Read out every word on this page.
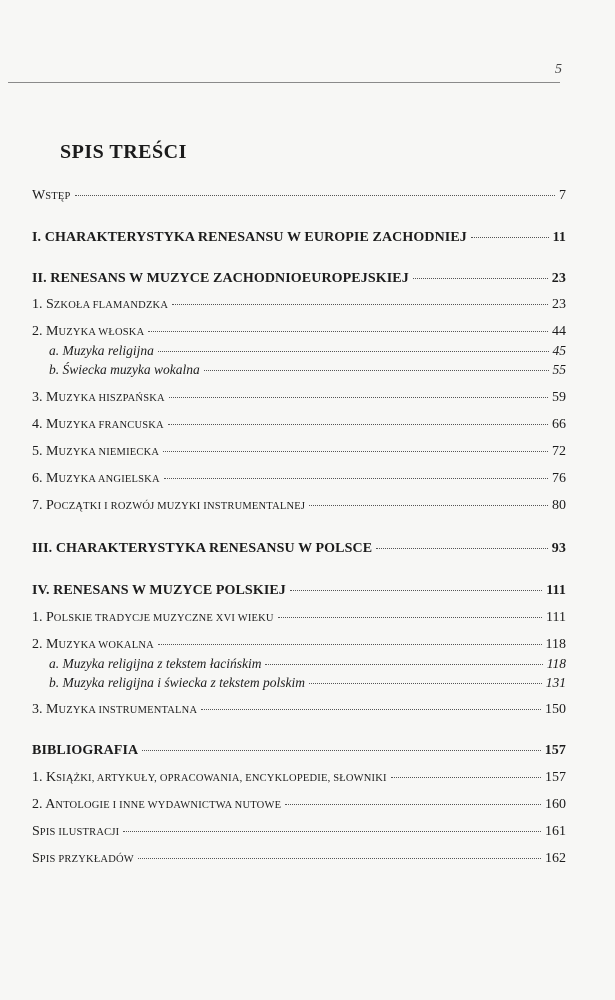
5
SPIS TREŚCI
WSTĘP	7
I. CHARAKTERYSTYKA RENESANSU W EUROPIE ZACHODNIEJ	11
II. RENESANS W MUZYCE ZACHODNIOEUROPEJSKIEJ	23
1. SZKOŁA FLAMANDZKA	23
2. MUZYKA WŁOSKA	44
a. Muzyka religijna	45
b. Świecka muzyka wokalna	55
3. MUZYKA HISZPAŃSKA	59
4. MUZYKA FRANCUSKA	66
5. MUZYKA NIEMIECKA	72
6. MUZYKA ANGIELSKA	76
7. POCZĄTKI I ROZWÓJ MUZYKI INSTRUMENTALNEJ	80
III. CHARAKTERYSTYKA RENESANSU W POLSCE	93
IV. RENESANS W MUZYCE POLSKIEJ	111
1. POLSKIE TRADYCJE MUZYCZNE XVI WIEKU	111
2. MUZYKA WOKALNA	118
a. Muzyka religijna z tekstem łacińskim	118
b. Muzyka religijna i świecka z tekstem polskim	131
3. MUZYKA INSTRUMENTALNA	150
BIBLIOGRAFIA	157
1. KSIĄŻKI, ARTYKUŁY, OPRACOWANIA, ENCYKLOPEDIE, SŁOWNIKI	157
2. ANTOLOGIE I INNE WYDAWNICTWA NUTOWE	160
SPIS ILUSTRACJI	161
SPIS PRZYKŁADÓW	162
